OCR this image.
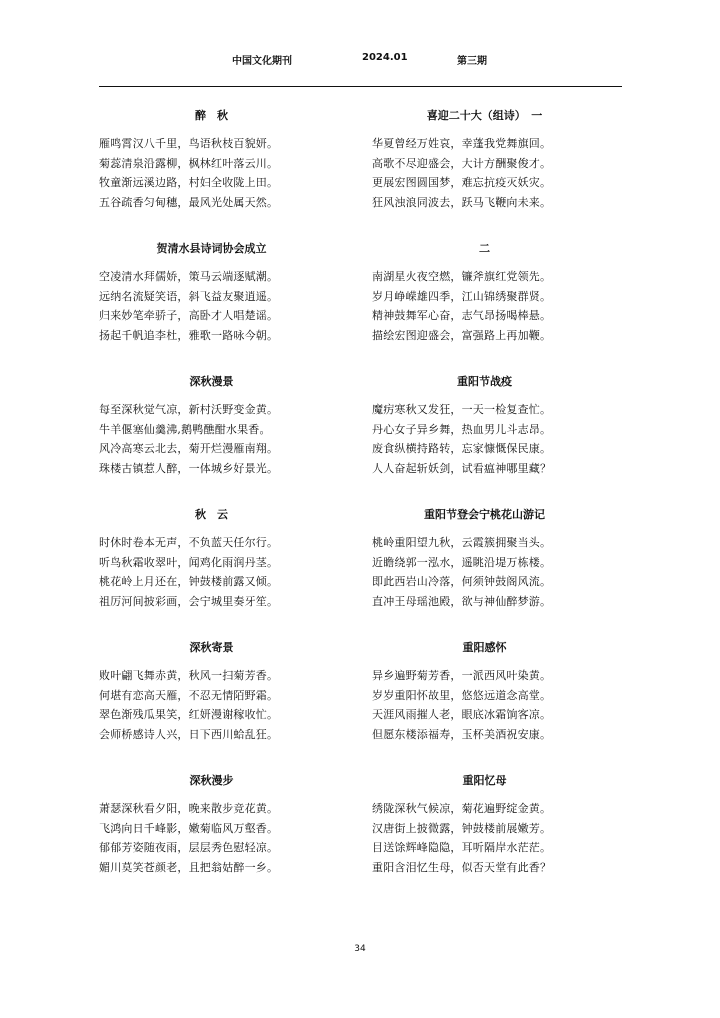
中国文化期刊	2024.01	第三期
醉　秋
雁鸣霄汉八千里，鸟语秋枝百貌妍。
菊蕊清泉沿露柳，枫林红叶落云川。
牧童渐远溪边路，村妇全收陇上田。
五谷疏香匀甸穗，最风光处属天然。
贺清水县诗词协会成立
空凌清水拜儒娇，策马云端逐赋潮。
远纳名流疑笑语，斜飞益友聚逍遥。
归来妙笔牵骄子，高卧才人唱楚谣。
扬起千帆追李杜，雅歌一路咏今朝。
深秋漫景
每至深秋觉气凉，新村沃野变金黄。
牛羊偃塞仙羹沸,鹅鸭醮酣水果香。
风冷高寒云北去，菊开烂漫雁南翔。
珠楼古镇惹人醉，一体城乡好景光。
秋　云
时休时卷本无声，不负蓝天任尔行。
听鸟秋霜收翠叶，闻鸡化雨润丹茎。
桃花岭上月还在，钟鼓楼前露又倾。
祖厉河间披彩画，会宁城里奏牙笙。
深秋寄景
败叶翩飞舞赤黄，秋风一扫菊芳香。
何堪有恋高天雁，不忍无情陌野霜。
翠色渐残瓜果笑，红妍漫谢稼收忙。
会师桥感诗人兴，日下西川蛤乱狂。
深秋漫步
萧瑟深秋看夕阳，晚来散步竞花黄。
飞鸿向日千峰影，嫩菊临风万壑香。
郁郁芳姿随夜雨，层层秀色慰轻凉。
媚川莫笑苍颜老，且把翁姑醉一乡。
喜迎二十大（组诗）　一
华夏曾经万姓哀，幸蓬我党舞旗回。
高歌不尽迎盛会，大计方酬聚俊才。
更展宏图圆国梦，难忘抗疫灭妖灾。
狂风浊浪同波去，跃马飞鞭向未来。
二
南湖星火夜空燃，镰斧旗红党领先。
岁月峥嵘雄四季，江山锦绣聚群贤。
精神鼓舞军心奋，志气昂扬喝棒悬。
描绘宏图迎盛会，富强路上再加鞭。
重阳节战疫
魔疠寒秋又发狂，一天一检复查忙。
丹心女子异乡舞，热血男儿斗志昂。
废食纵横持路转，忘家慷慨保民康。
人人奋起斩妖剑，试看瘟神哪里藏？
重阳节登会宁桃花山游记
桃岭重阳望九秋，云霞簇拥聚当头。
近瞻绕郭一泓水，遥眺沿堤万栋楼。
即此西岩山冷落，何须钟鼓阁风流。
直冲王母瑶池殿，欲与神仙醉梦游。
重阳感怀
异乡遍野菊芳香，一派西风叶染黄。
岁岁重阳怀故里，悠悠远道念高堂。
天涯风雨摧人老，眼底冰霜饷客凉。
但愿东楼添福寿，玉杯美酒祝安康。
重阳忆母
绣陇深秋气候凉，菊花遍野绽金黄。
汉唐街上披微露，钟鼓楼前展嫩芳。
目送馀辉峰隐隐，耳听隔岸水茫茫。
重阳含泪忆生母，似否天堂有此香？
34
